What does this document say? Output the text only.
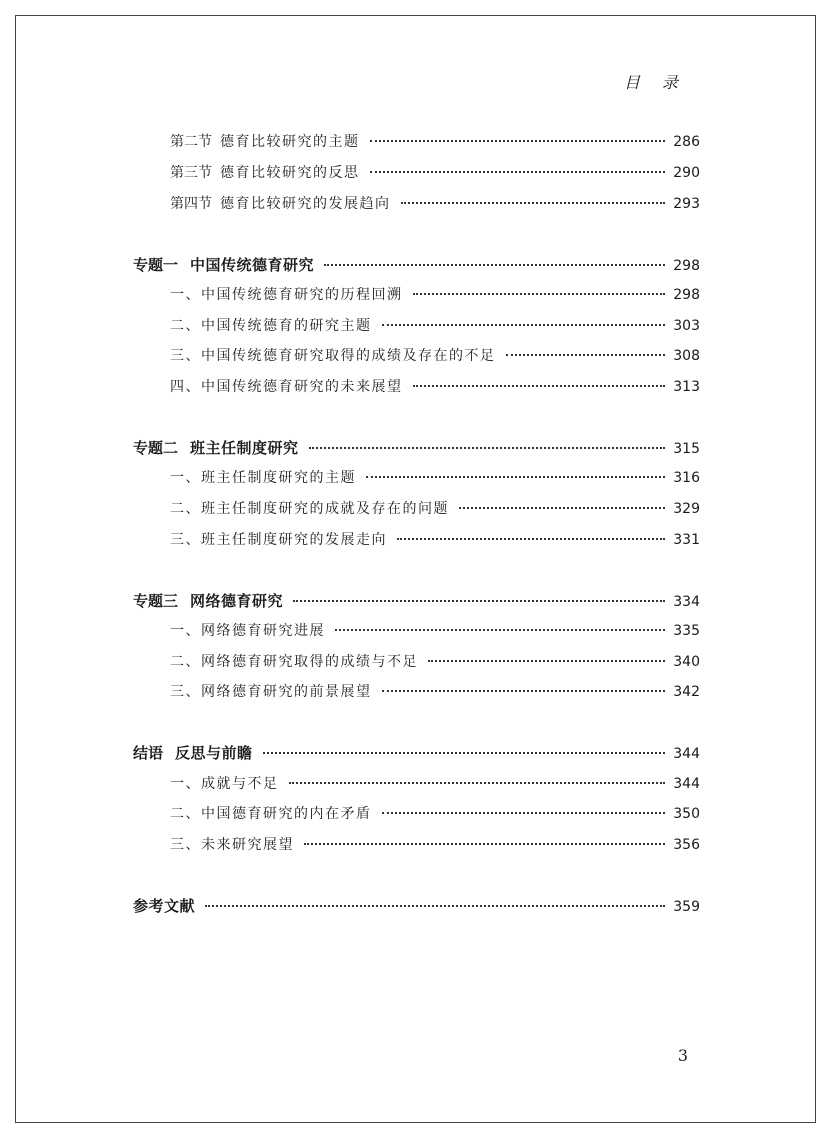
目录
第二节 德育比较研究的主题	286
第三节 德育比较研究的反思	290
第四节 德育比较研究的发展趋向	293
专题一 中国传统德育研究	298
一、中国传统德育研究的历程回溯	298
二、中国传统德育的研究主题	303
三、中国传统德育研究取得的成绩及存在的不足	308
四、中国传统德育研究的未来展望	313
专题二 班主任制度研究	315
一、班主任制度研究的主题	316
二、班主任制度研究的成就及存在的问题	329
三、班主任制度研究的发展走向	331
专题三 网络德育研究	334
一、网络德育研究进展	335
二、网络德育研究取得的成绩与不足	340
三、网络德育研究的前景展望	342
结语 反思与前瞻	344
一、成就与不足	344
二、中国德育研究的内在矛盾	350
三、未来研究展望	356
参考文献	359
3
